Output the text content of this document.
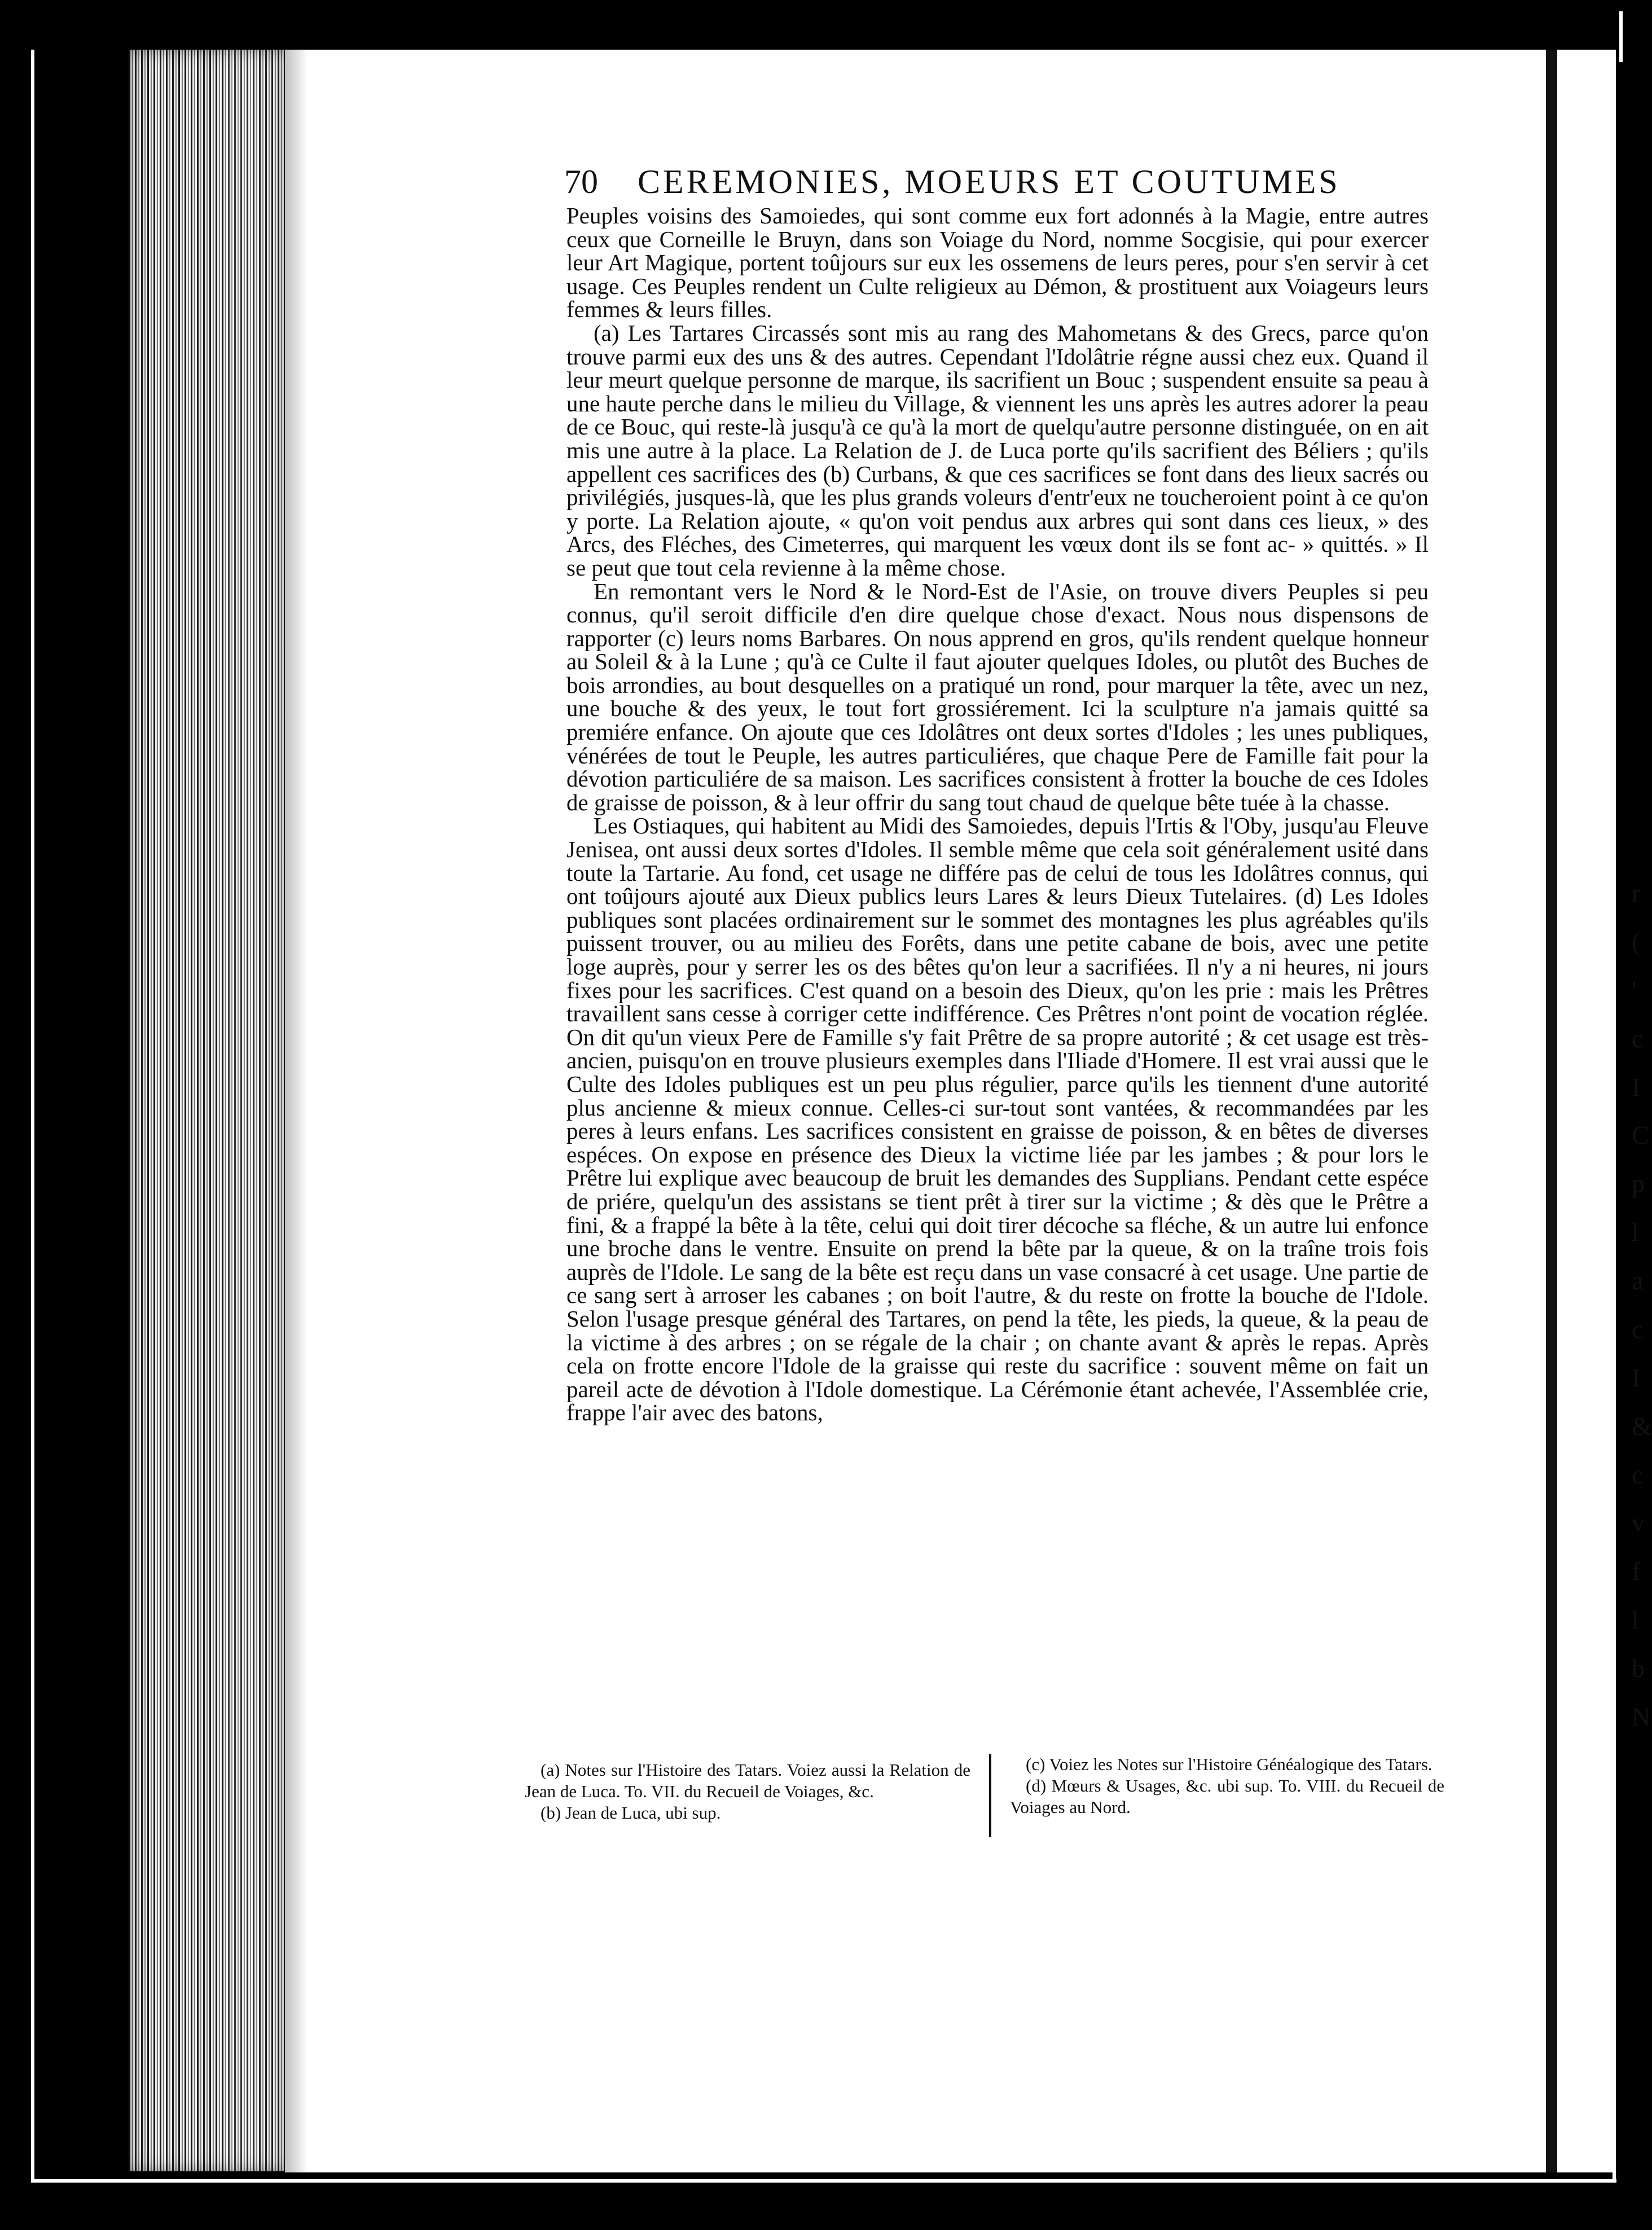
70 CEREMONIES, MOEURS ET COUTUMES

Peuples voisins des Samoiedes, qui sont comme eux fort adonnés à la Magie, entre autres ceux que Corneille le Bruyn, dans son Voiage du Nord, nomme Socgisie, qui pour exercer leur Art Magique, portent toûjours sur eux les ossemens de leurs peres, pour s'en servir à cet usage. Ces Peuples rendent un Culte religieux au Démon, & prostituent aux Voiageurs leurs femmes & leurs filles.

(a) Les Tartares Circassés sont mis au rang des Mahometans & des Grecs, parce qu'on trouve parmi eux des uns & des autres. Cependant l'Idolâtrie régne aussi chez eux. Quand il leur meurt quelque personne de marque, ils sacrifient un Bouc ; suspendent ensuite sa peau à une haute perche dans le milieu du Village, & viennent les uns après les autres adorer la peau de ce Bouc, qui reste-là jusqu'à ce qu'à la mort de quelqu'autre personne distinguée, on en ait mis une autre à la place. La Relation de J. de Luca porte qu'ils sacrifient des Béliers ; qu'ils appellent ces sacrifices des (b) Curbans, & que ces sacrifices se font dans des lieux sacrés ou privilégiés, jusques-là, que les plus grands voleurs d'entr'eux ne toucheroient point à ce qu'on y porte. La Relation ajoute, « qu'on voit pendus aux arbres qui sont dans ces lieux, » des Arcs, des Fléches, des Cimeterres, qui marquent les vœux dont ils se font ac- » quittés. » Il se peut que tout cela revienne à la même chose.

En remontant vers le Nord & le Nord-Est de l'Asie, on trouve divers Peuples si peu connus, qu'il seroit difficile d'en dire quelque chose d'exact. Nous nous dispensons de rapporter (c) leurs noms Barbares. On nous apprend en gros, qu'ils rendent quelque honneur au Soleil & à la Lune ; qu'à ce Culte il faut ajouter quelques Idoles, ou plutôt des Buches de bois arrondies, au bout desquelles on a pratiqué un rond, pour marquer la tête, avec un nez, une bouche & des yeux, le tout fort grossiérement. Ici la sculpture n'a jamais quitté sa premiére enfance. On ajoute que ces Idolâtres ont deux sortes d'Idoles ; les unes publiques, vénérées de tout le Peuple, les autres particuliéres, que chaque Pere de Famille fait pour la dévotion particuliére de sa maison. Les sacrifices consistent à frotter la bouche de ces Idoles de graisse de poisson, & à leur offrir du sang tout chaud de quelque bête tuée à la chasse.

Les Ostiaques, qui habitent au Midi des Samoiedes, depuis l'Irtis & l'Oby, jusqu'au Fleuve Jenisea, ont aussi deux sortes d'Idoles. Il semble même que cela soit généralement usité dans toute la Tartarie. Au fond, cet usage ne différe pas de celui de tous les Idolâtres connus, qui ont toûjours ajouté aux Dieux publics leurs Lares & leurs Dieux Tutelaires. (d) Les Idoles publiques sont placées ordinairement sur le sommet des montagnes les plus agréables qu'ils puissent trouver, ou au milieu des Forêts, dans une petite cabane de bois, avec une petite loge auprès, pour y serrer les os des bêtes qu'on leur a sacrifiées. Il n'y a ni heures, ni jours fixes pour les sacrifices. C'est quand on a besoin des Dieux, qu'on les prie : mais les Prêtres travaillent sans cesse à corriger cette indifférence. Ces Prêtres n'ont point de vocation réglée. On dit qu'un vieux Pere de Famille s'y fait Prêtre de sa propre autorité ; & cet usage est très-ancien, puisqu'on en trouve plusieurs exemples dans l'Iliade d'Homere. Il est vrai aussi que le Culte des Idoles publiques est un peu plus régulier, parce qu'ils les tiennent d'une autorité plus ancienne & mieux connue. Celles-ci sur-tout sont vantées, & recommandées par les peres à leurs enfans. Les sacrifices consistent en graisse de poisson, & en bêtes de diverses espéces. On expose en présence des Dieux la victime liée par les jambes ; & pour lors le Prêtre lui explique avec beaucoup de bruit les demandes des Supplians. Pendant cette espéce de priére, quelqu'un des assistans se tient prêt à tirer sur la victime ; & dès que le Prêtre a fini, & a frappé la bête à la tête, celui qui doit tirer décoche sa fléche, & un autre lui enfonce une broche dans le ventre. Ensuite on prend la bête par la queue, & on la traîne trois fois auprès de l'Idole. Le sang de la bête est reçu dans un vase consacré à cet usage. Une partie de ce sang sert à arroser les cabanes ; on boit l'autre, & du reste on frotte la bouche de l'Idole. Selon l'usage presque général des Tartares, on pend la tête, les pieds, la queue, & la peau de la victime à des arbres ; on se régale de la chair ; on chante avant & après le repas. Après cela on frotte encore l'Idole de la graisse qui reste du sacrifice : souvent même on fait un pareil acte de dévotion à l'Idole domestique. La Cérémonie étant achevée, l'Assemblée crie, frappe l'air avec des batons,

(a) Notes sur l'Histoire des Tatars. Voiez aussi la Relation de Jean de Luca. To. VII. du Recueil de Voiages, &c.

(b) Jean de Luca, ubi sup.

(c) Voiez les Notes sur l'Histoire Généalogique des Tatars.

(d) Mœurs & Usages, &c. ubi sup. To. VIII. du Recueil de Voiages au Nord.

r
(
'
c
I
C
p
l
a
c
I
&
c
v
f
l
b
N
